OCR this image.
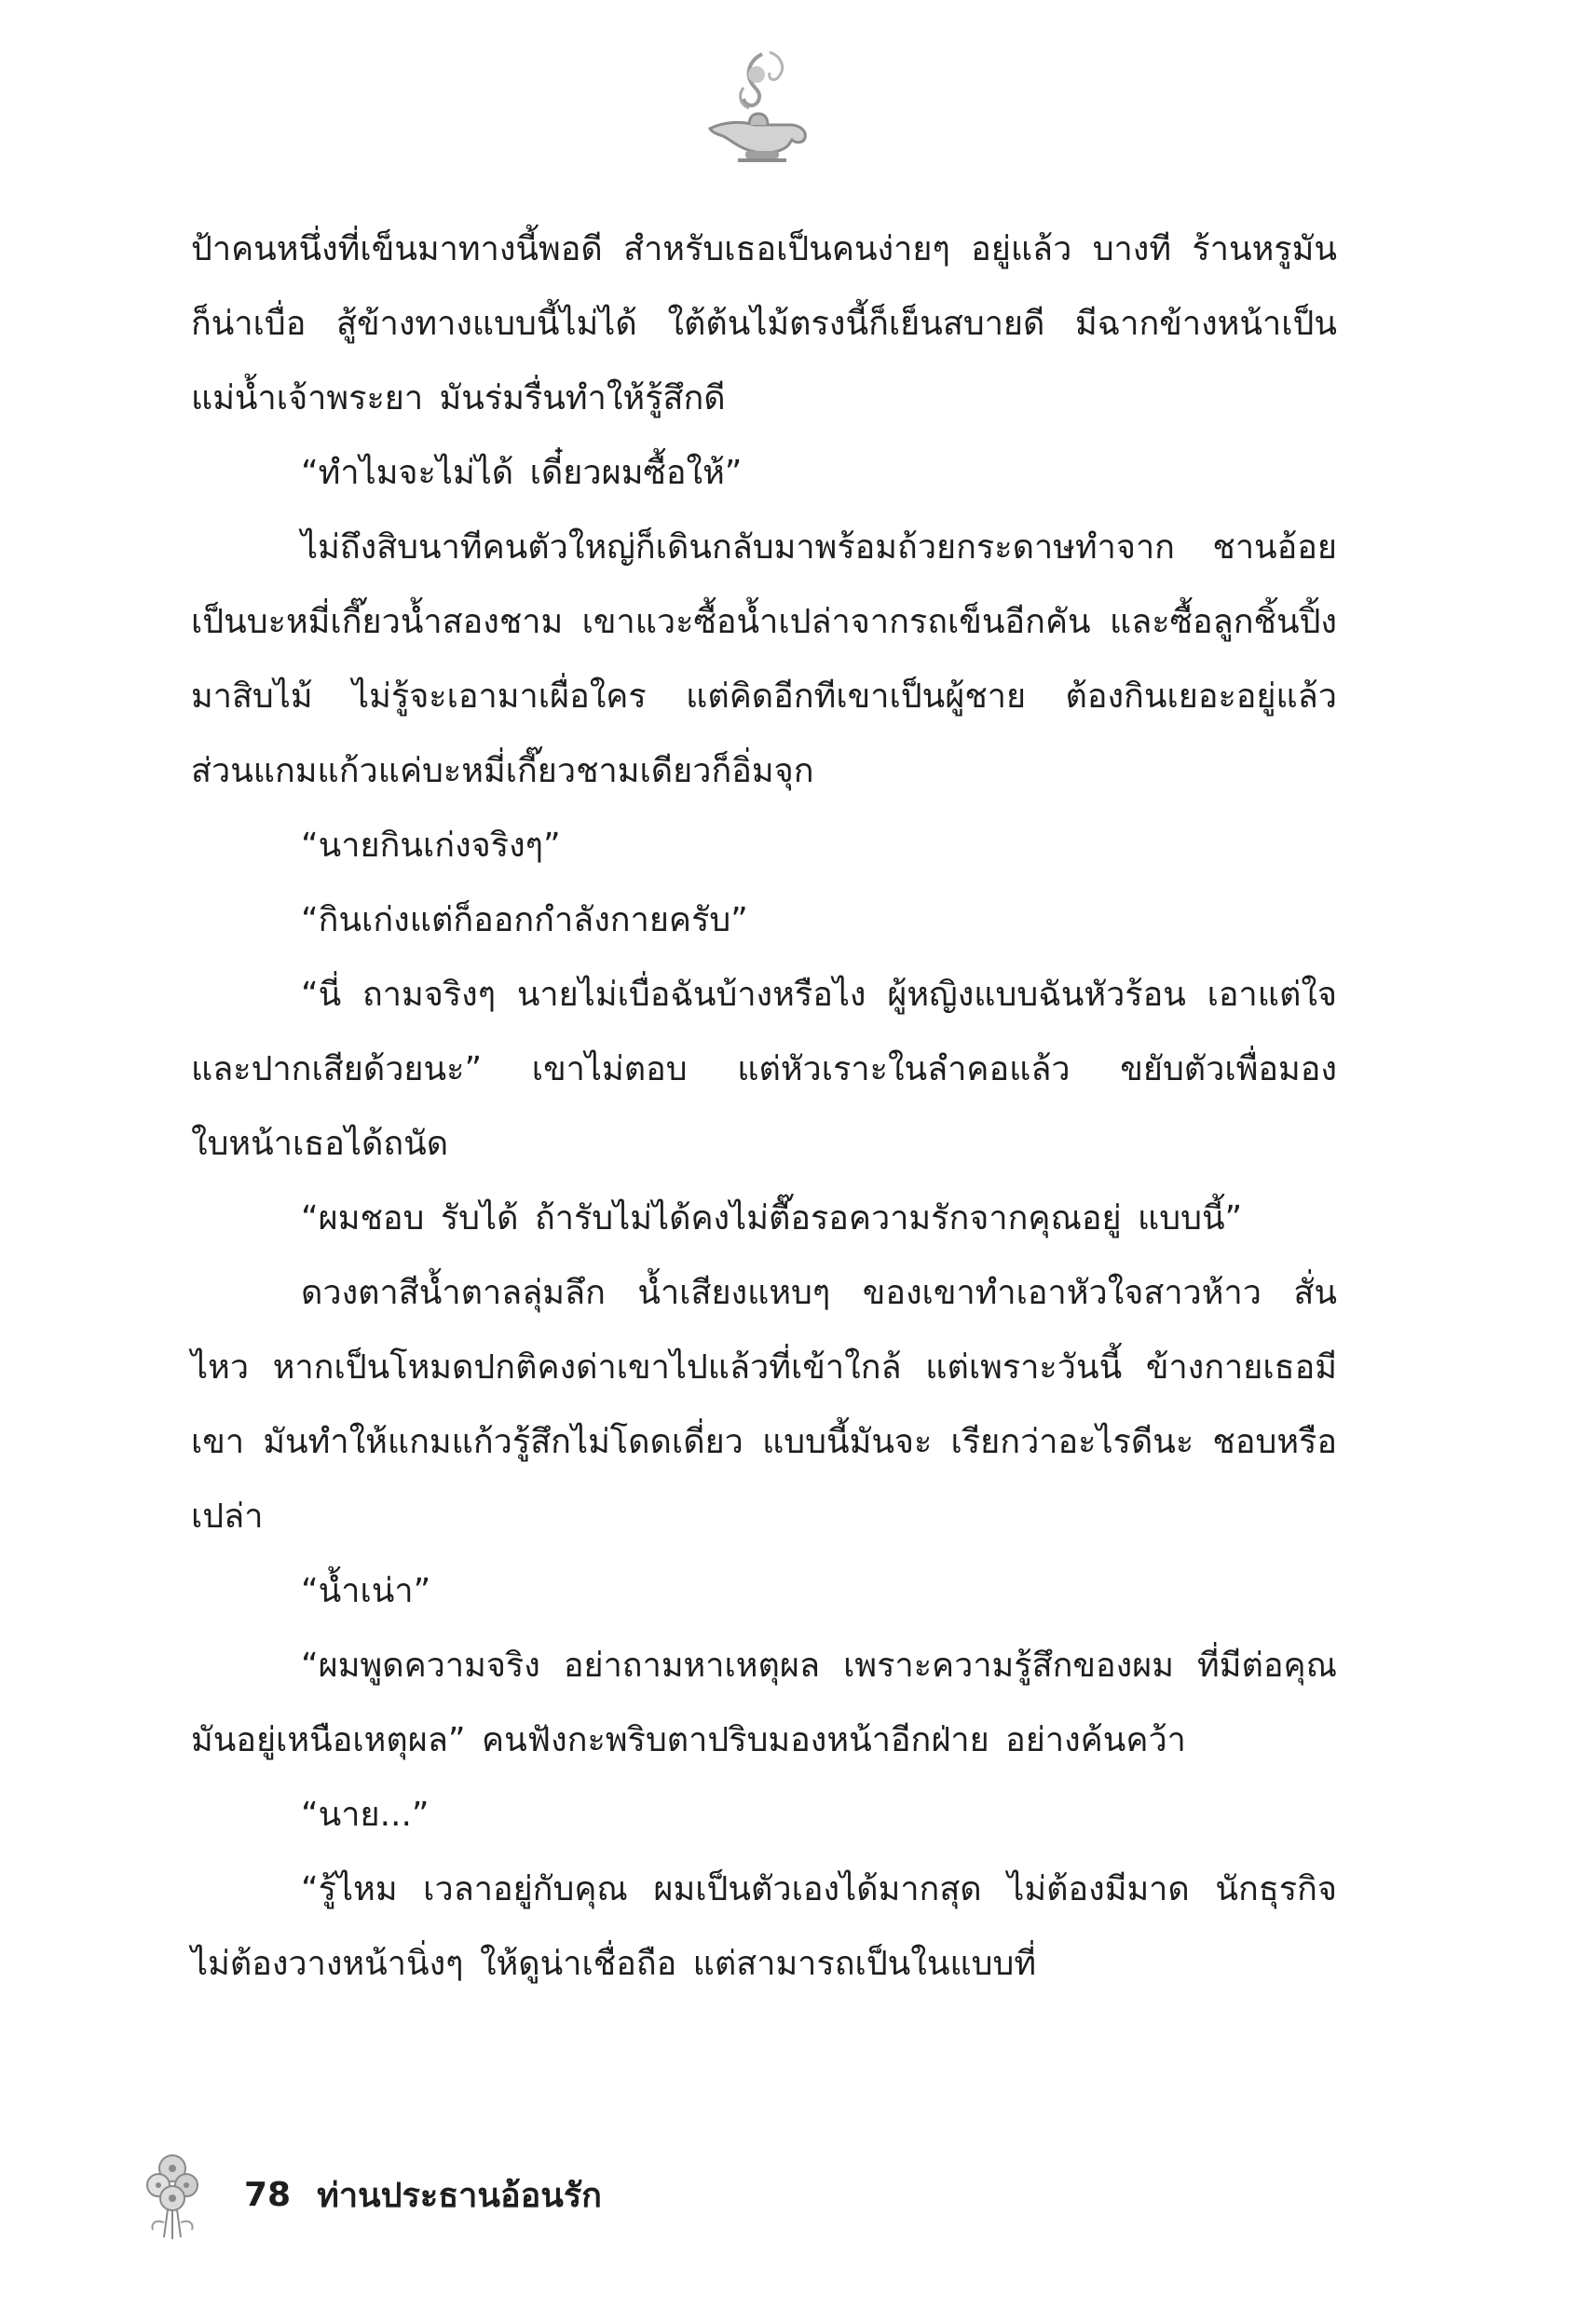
ป้าคนหนึ่งที่เข็นมาทางนี้พอดี สำหรับเธอเป็นคนง่ายๆ อยู่แล้ว บางที ร้านหรูมันก็น่าเบื่อ สู้ข้างทางแบบนี้ไม่ได้ ใต้ต้นไม้ตรงนี้ก็เย็นสบายดี มีฉากข้างหน้าเป็นแม่น้ำเจ้าพระยา มันร่มรื่นทำให้รู้สึกดี

“ทำไมจะไม่ได้ เดี๋ยวผมซื้อให้”

ไม่ถึงสิบนาทีคนตัวใหญ่ก็เดินกลับมาพร้อมถ้วยกระดาษทำจาก ชานอ้อย เป็นบะหมี่เกี๊ยวน้ำสองชาม เขาแวะซื้อน้ำเปล่าจากรถเข็นอีกคัน และซื้อลูกชิ้นปิ้งมาสิบไม้ ไม่รู้จะเอามาเผื่อใคร แต่คิดอีกทีเขาเป็นผู้ชาย ต้องกินเยอะอยู่แล้ว ส่วนแกมแก้วแค่บะหมี่เกี๊ยวชามเดียวก็อิ่มจุก

“นายกินเก่งจริงๆ”

“กินเก่งแต่ก็ออกกำลังกายครับ”

“นี่ ถามจริงๆ นายไม่เบื่อฉันบ้างหรือไง ผู้หญิงแบบฉันหัวร้อน เอาแต่ใจ และปากเสียด้วยนะ” เขาไม่ตอบ แต่หัวเราะในลำคอแล้ว ขยับตัวเพื่อมองใบหน้าเธอได้ถนัด

“ผมชอบ รับได้ ถ้ารับไม่ได้คงไม่ตื๊อรอความรักจากคุณอยู่ แบบนี้”

ดวงตาสีน้ำตาลลุ่มลึก น้ำเสียงแหบๆ ของเขาทำเอาหัวใจสาวห้าว สั่นไหว หากเป็นโหมดปกติคงด่าเขาไปแล้วที่เข้าใกล้ แต่เพราะวันนี้ ข้างกายเธอมีเขา มันทำให้แกมแก้วรู้สึกไม่โดดเดี่ยว แบบนี้มันจะ เรียกว่าอะไรดีนะ ชอบหรือเปล่า

“น้ำเน่า”

“ผมพูดความจริง อย่าถามหาเหตุผล เพราะความรู้สึกของผม ที่มีต่อคุณมันอยู่เหนือเหตุผล” คนฟังกะพริบตาปริบมองหน้าอีกฝ่าย อย่างค้นคว้า

“นาย...”

“รู้ไหม เวลาอยู่กับคุณ ผมเป็นตัวเองได้มากสุด ไม่ต้องมีมาด นักธุรกิจ ไม่ต้องวางหน้านิ่งๆ ให้ดูน่าเชื่อถือ แต่สามารถเป็นในแบบที่

78 ท่านประธานอ้อนรัก
